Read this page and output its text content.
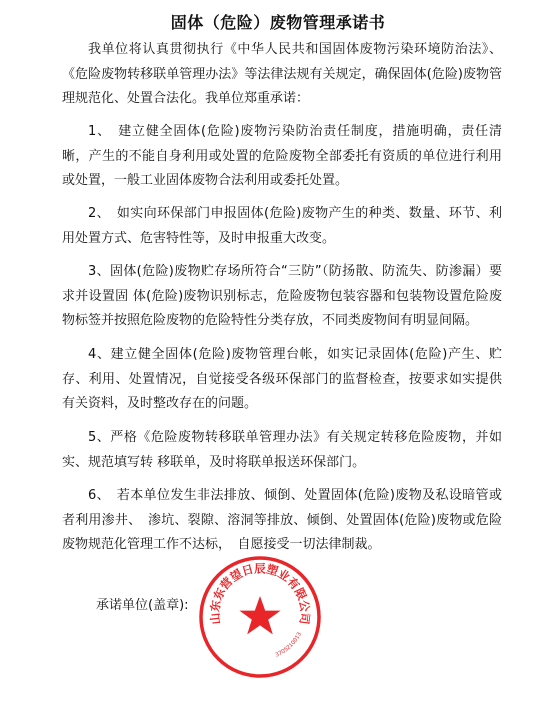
固体（危险）废物管理承诺书
我单位将认真贯彻执行《中华人民共和国固体废物污染环境防治法》、《危险废物转移联单管理办法》等法律法规有关规定，确保固体(危险)废物管理规范化、处置合法化。我单位郑重承诺：
1、　建立健全固体(危险)废物污染防治责任制度，措施明确，责任清晰，产生的不能自身利用或处置的危险废物全部委托有资质的单位进行利用或处置，一般工业固体废物合法利用或委托处置。
2、　如实向环保部门申报固体(危险)废物产生的种类、数量、环节、利用处置方式、危害特性等，及时申报重大改变。
3、固体(危险)废物贮存场所符合“三防”（防扬散、防流失、防渗漏）要求并设置固 体(危险)废物识别标志，危险废物包装容器和包装物设置危险废物标签并按照危险废物的危险特性分类存放，不同类废物间有明显间隔。
4、建立健全固体(危险)废物管理台帐，如实记录固体(危险)产生、贮存、利用、处置情况，自觉接受各级环保部门的监督检查，按要求如实提供有关资料，及时整改存在的问题。
5、严格《危险废物转移联单管理办法》有关规定转移危险废物，并如实、规范填写转 移联单，及时将联单报送环保部门。
6、　若本单位发生非法排放、倾倒、处置固体(危险)废物及私设暗管或者利用渗井、　渗坑、裂隙、溶洞等排放、倾倒、处置固体(危险)废物或危险废物规范化管理工作不达标，　自愿接受一切法律制裁。
承诺单位(盖章):
山东东营望日辰塑业有限公司
3705210013
